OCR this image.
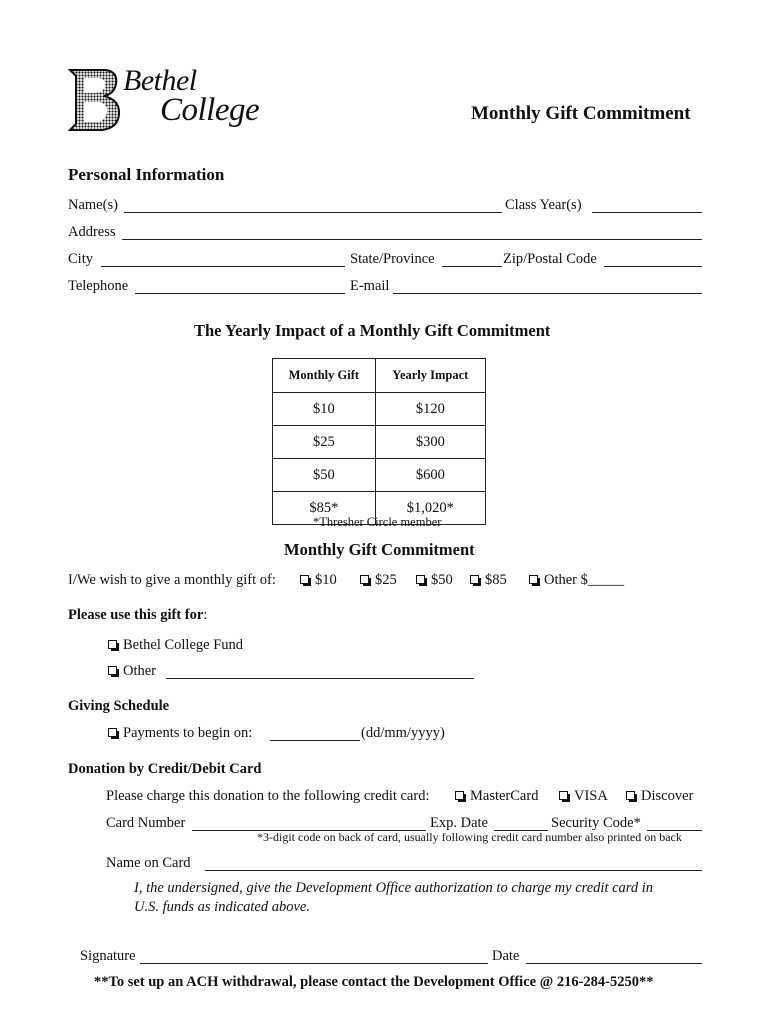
Bethel
College	Monthly Gift Commitment
Personal Information
Name(s)	Class Year(s)
Address
City	State/Province	Zip/Postal Code
Telephone	E-mail
The Yearly Impact of a Monthly Gift Commitment
Monthly Gift	Yearly Impact
$10	$120
$25	$300
$50	$600
$85*	$1,020*
*Thresher Circle member
Monthly Gift Commitment
I/We wish to give a monthly gift of:	$10	$25	$50	$85	Other $_____
Please use this gift for:
Bethel College Fund
Other
Giving Schedule
Payments to begin on:	(dd/mm/yyyy)
Donation by Credit/Debit Card
Please charge this donation to the following credit card:	MasterCard	VISA	Discover
Card Number	Exp. Date	Security Code*
*3-digit code on back of card, usually following credit card number also printed on back
Name on Card
I, the undersigned, give the Development Office authorization to charge my credit card in
U.S. funds as indicated above.
Signature	Date
**To set up an ACH withdrawal, please contact the Development Office @ 216-284-5250**
